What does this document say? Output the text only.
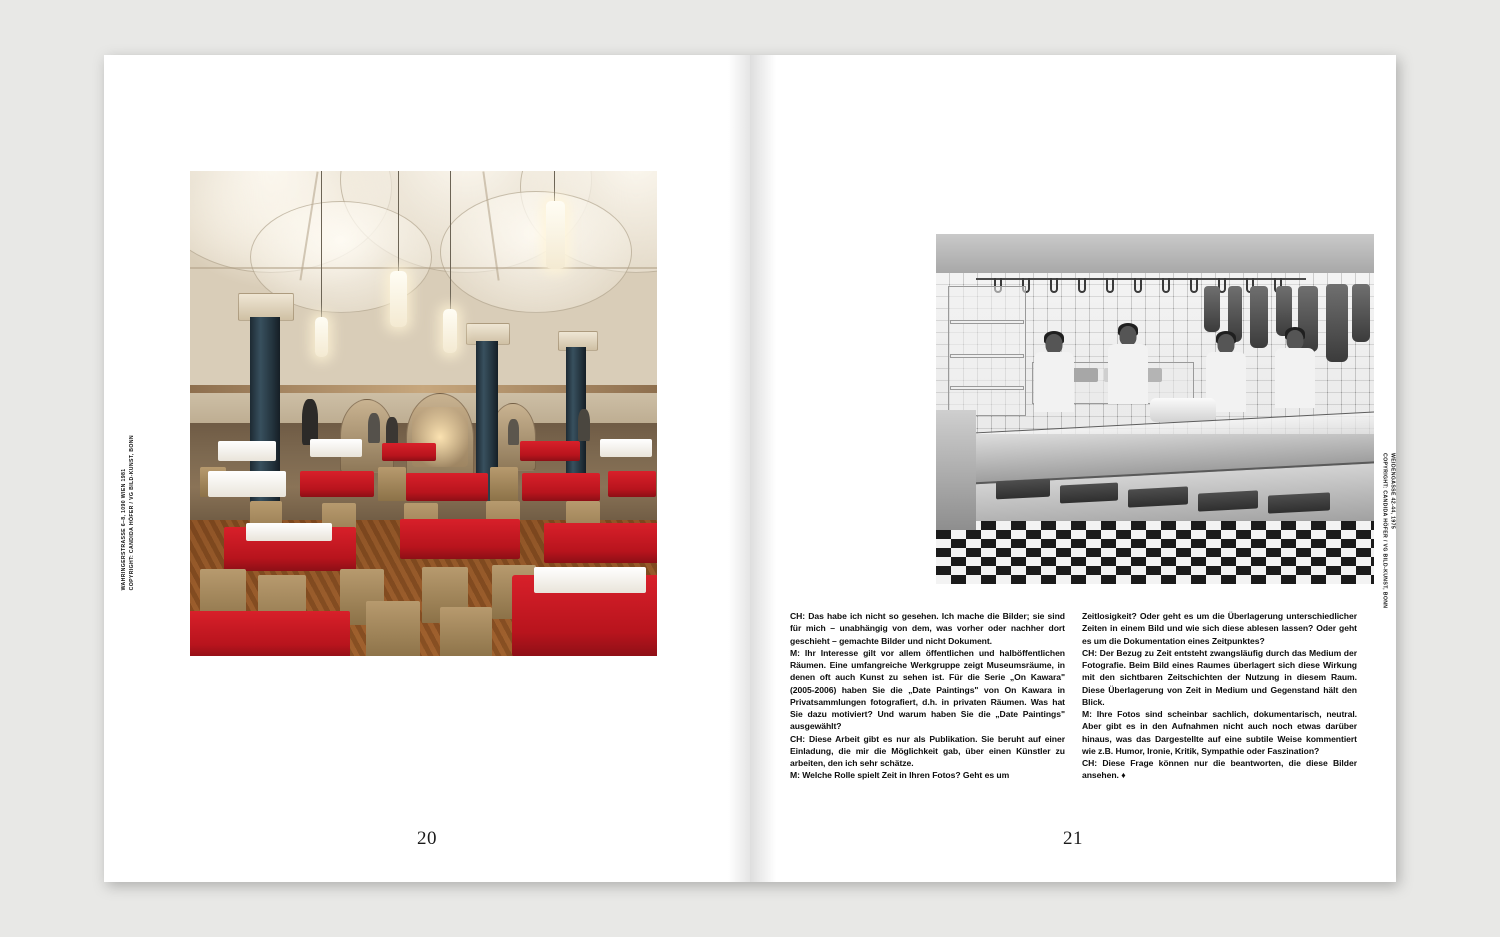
WAHRINGERSTRASSE 6–8, 1090 WIEN 1981 COPYRIGHT: CANDIDA HÖFER / VG BILD-KUNST, BONN
20
WEIDENGASSE 42-44, 1975
COPYRIGHT: CANDIDA HÖFER / VG BILD-KUNST, BONN

CH: Das habe ich nicht so gesehen. Ich mache die Bilder; sie sind für mich – unabhängig von dem, was vorher oder nachher dort geschieht – gemachte Bilder und nicht Dokument.

M: Ihr Interesse gilt vor allem öffentlichen und halböffentlichen Räumen. Eine umfangreiche Werkgruppe zeigt Museumsräume, in denen oft auch Kunst zu sehen ist. Für die Serie „On Kawara" (2005-2006) haben Sie die „Date Paintings" von On Kawara in Privatsammlungen fotografiert, d.h. in privaten Räumen. Was hat Sie dazu motiviert? Und warum haben Sie die „Date Paintings" ausgewählt?

CH: Diese Arbeit gibt es nur als Publikation. Sie beruht auf einer Einladung, die mir die Möglichkeit gab, über einen Künstler zu arbeiten, den ich sehr schätze.

M: Welche Rolle spielt Zeit in Ihren Fotos? Geht es um

Zeitlosigkeit? Oder geht es um die Überlagerung unterschiedlicher Zeiten in einem Bild und wie sich diese ablesen lassen? Oder geht es um die Dokumentation eines Zeitpunktes?

CH: Der Bezug zu Zeit entsteht zwangsläufig durch das Medium der Fotografie. Beim Bild eines Raumes überlagert sich diese Wirkung mit den sichtbaren Zeitschichten der Nutzung in diesem Raum. Diese Überlagerung von Zeit in Medium und Gegenstand hält den Blick.

M: Ihre Fotos sind scheinbar sachlich, dokumentarisch, neutral. Aber gibt es in den Aufnahmen nicht auch noch etwas darüber hinaus, was das Dargestellte auf eine subtile Weise kommentiert wie z.B. Humor, Ironie, Kritik, Sympathie oder Faszination?

CH: Diese Frage können nur die beantworten, die diese Bilder ansehen. ♦

21
